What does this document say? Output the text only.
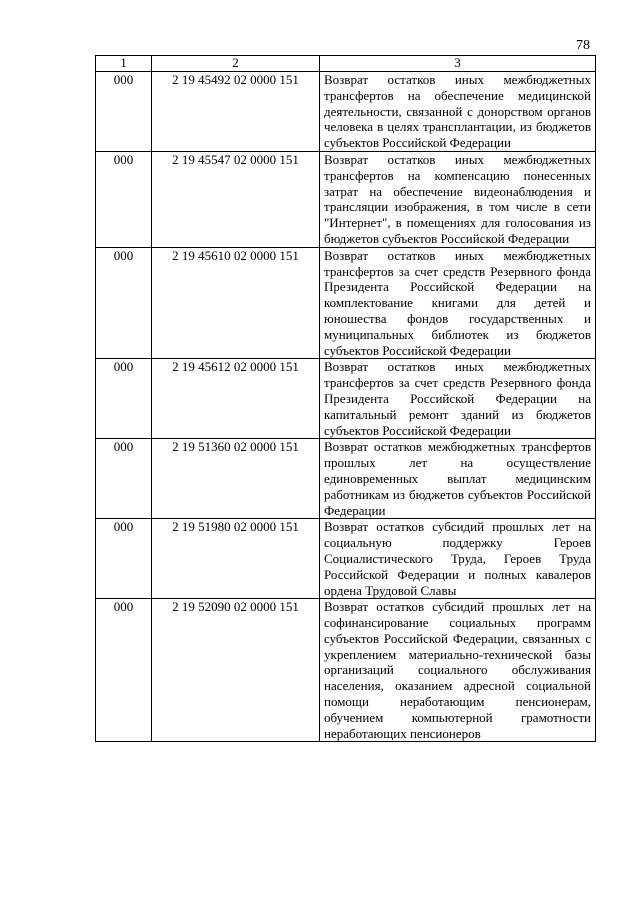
78
1	2	3
000	2 19 45492 02 0000 151	Возврат остатков иных межбюджетных трансфертов на обеспечение медицинской деятельности, связанной с донорством органов человека в целях трансплантации, из бюджетов субъектов Российской Федерации
000	2 19 45547 02 0000 151	Возврат остатков иных межбюджетных трансфертов на компенсацию понесенных затрат на обеспечение видеонаблюдения и трансляции изображения, в том числе в сети "Интернет", в помещениях для голосования из бюджетов субъектов Российской Федерации
000	2 19 45610 02 0000 151	Возврат остатков иных межбюджетных трансфертов за счет средств Резервного фонда Президента Российской Федерации на комплектование книгами для детей и юношества фондов государственных и муниципальных библиотек из бюджетов субъектов Российской Федерации
000	2 19 45612 02 0000 151	Возврат остатков иных межбюджетных трансфертов за счет средств Резервного фонда Президента Российской Федерации на капитальный ремонт зданий из бюджетов субъектов Российской Федерации
000	2 19 51360 02 0000 151	Возврат остатков межбюджетных трансфертов прошлых лет на осуществление единовременных выплат медицинским работникам из бюджетов субъектов Российской Федерации
000	2 19 51980 02 0000 151	Возврат остатков субсидий прошлых лет на социальную поддержку Героев Социалистического Труда, Героев Труда Российской Федерации и полных кавалеров ордена Трудовой Славы
000	2 19 52090 02 0000 151	Возврат остатков субсидий прошлых лет на софинансирование социальных программ субъектов Российской Федерации, связанных с укреплением материально-технической базы организаций социального обслуживания населения, оказанием адресной социальной помощи неработающим пенсионерам, обучением компьютерной грамотности неработающих пенсионеров
